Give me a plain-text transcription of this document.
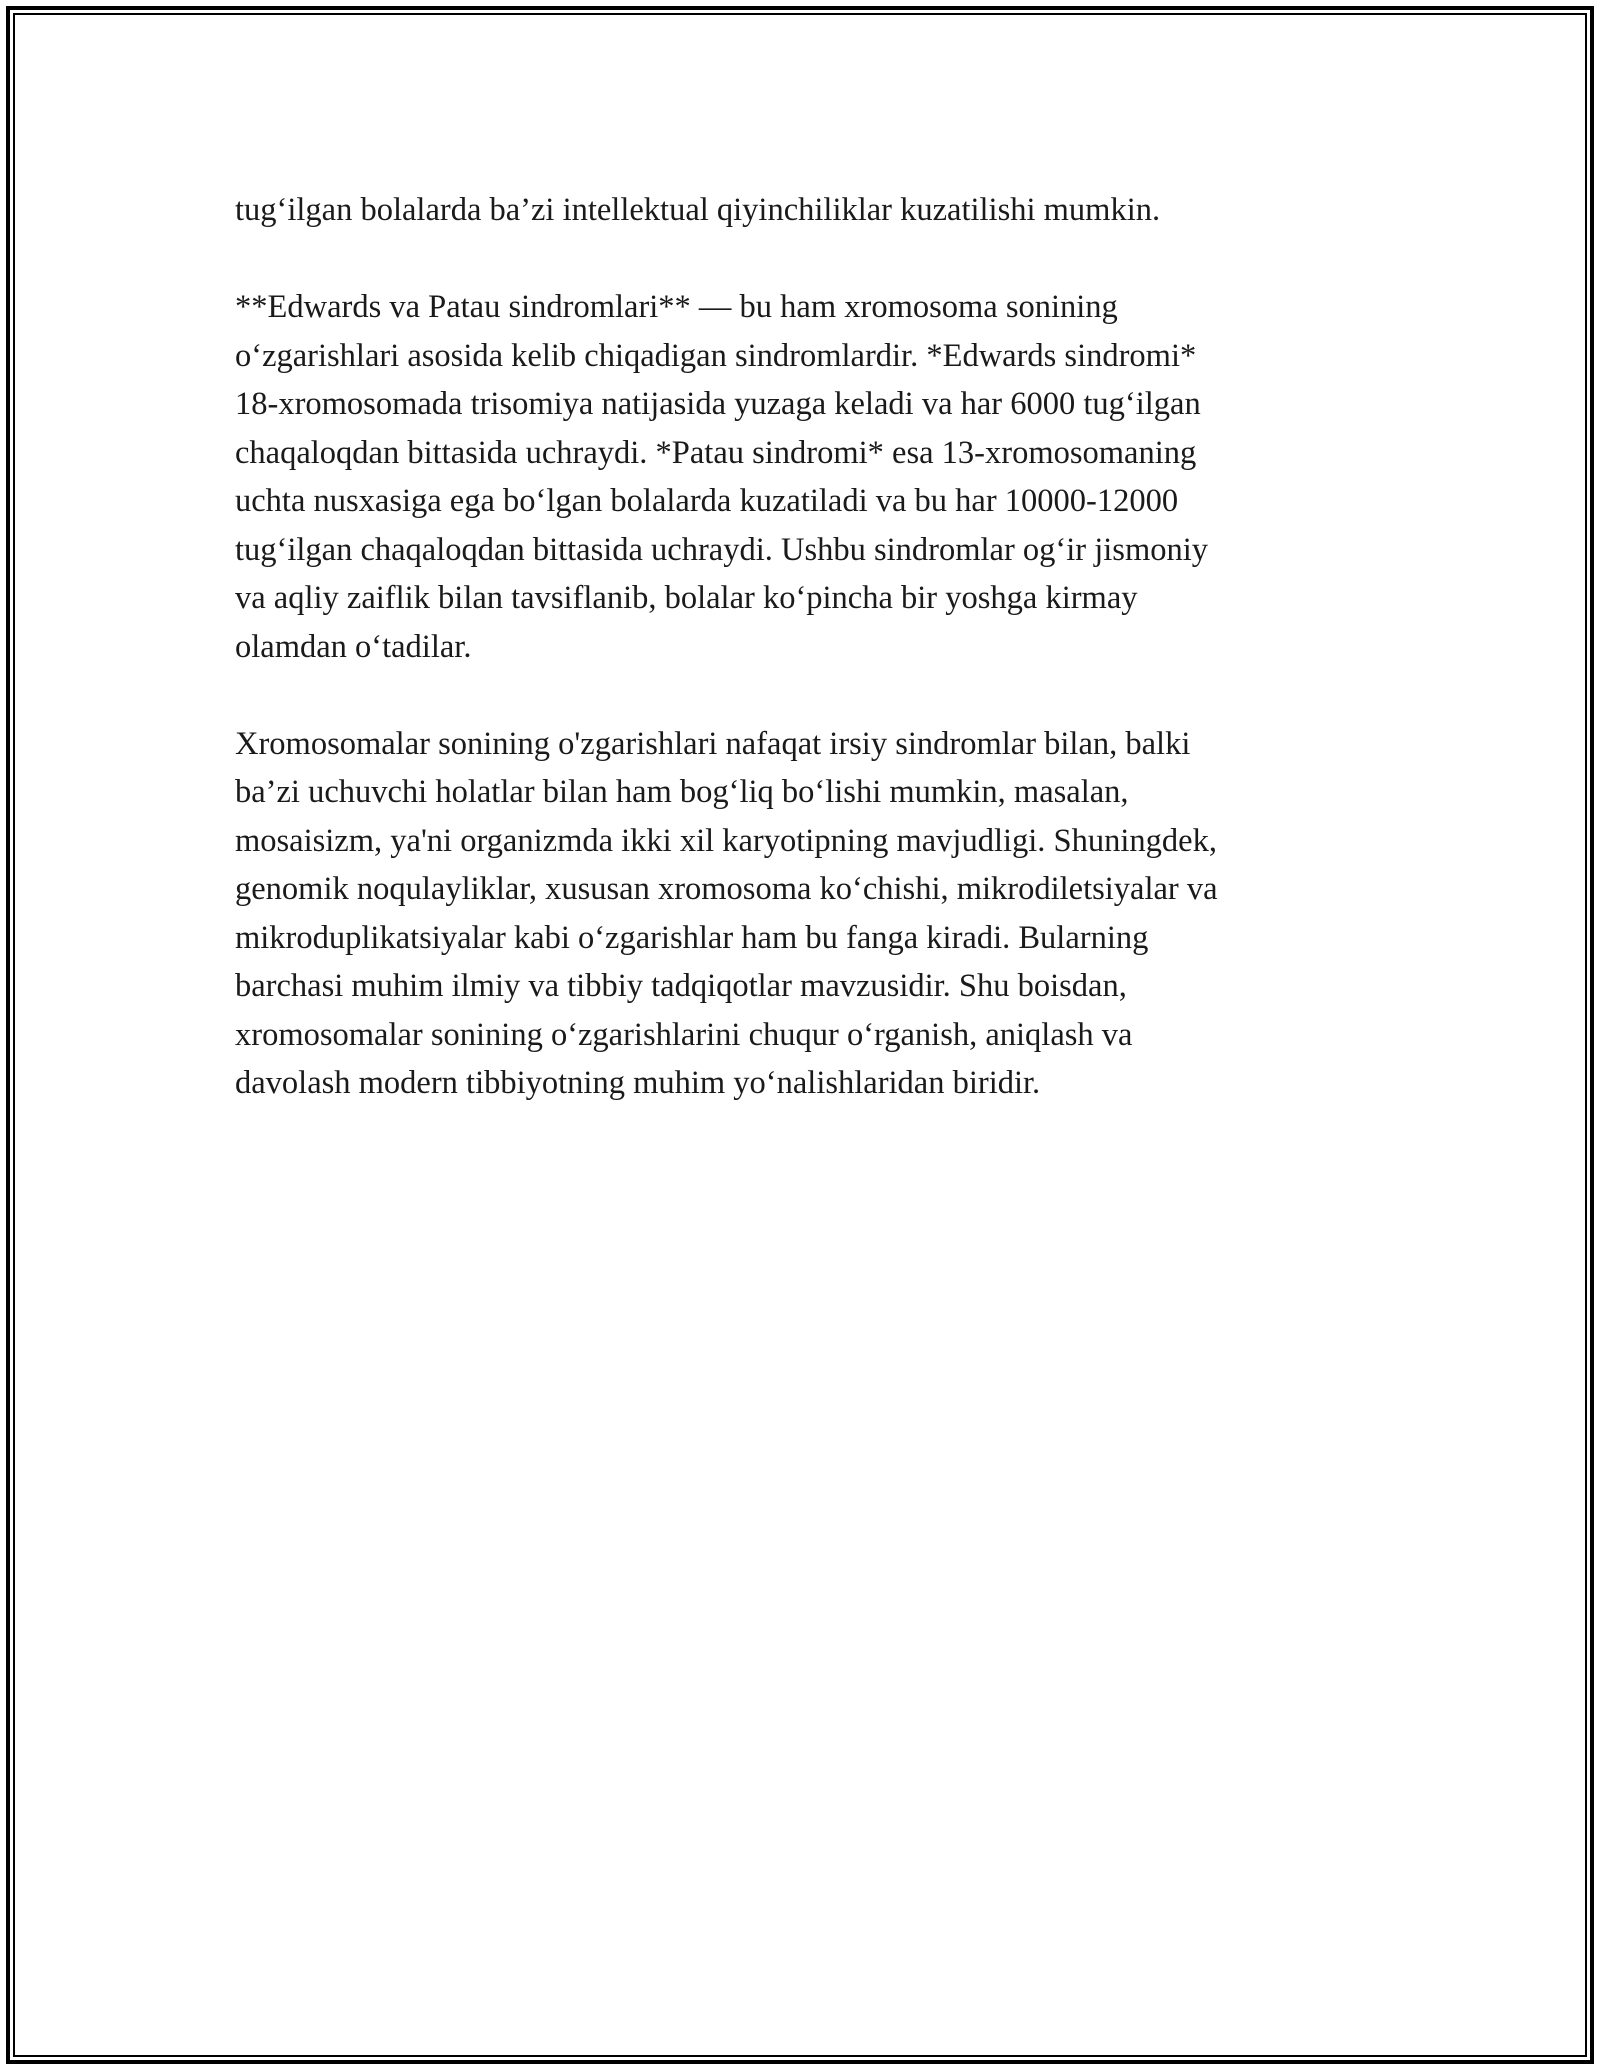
tug‘ilgan bolalarda ba’zi intellektual qiyinchiliklar kuzatilishi mumkin.

**Edwards va Patau sindromlari** — bu ham xromosoma sonining
o‘zgarishlari asosida kelib chiqadigan sindromlardir. *Edwards sindromi*
18-xromosomada trisomiya natijasida yuzaga keladi va har 6000 tug‘ilgan
chaqaloqdan bittasida uchraydi. *Patau sindromi* esa 13-xromosomaning
uchta nusxasiga ega bo‘lgan bolalarda kuzatiladi va bu har 10000-12000
tug‘ilgan chaqaloqdan bittasida uchraydi. Ushbu sindromlar og‘ir jismoniy
va aqliy zaiflik bilan tavsiflanib, bolalar ko‘pincha bir yoshga kirmay
olamdan o‘tadilar.

Xromosomalar sonining o'zgarishlari nafaqat irsiy sindromlar bilan, balki
ba’zi uchuvchi holatlar bilan ham bog‘liq bo‘lishi mumkin, masalan,
mosaisizm, ya'ni organizmda ikki xil karyotipning mavjudligi. Shuningdek,
genomik noqulayliklar, xususan xromosoma ko‘chishi, mikrodiletsiyalar va
mikroduplikatsiyalar kabi o‘zgarishlar ham bu fanga kiradi. Bularning
barchasi muhim ilmiy va tibbiy tadqiqotlar mavzusidir. Shu boisdan,
xromosomalar sonining o‘zgarishlarini chuqur o‘rganish, aniqlash va
davolash modern tibbiyotning muhim yo‘nalishlaridan biridir.
